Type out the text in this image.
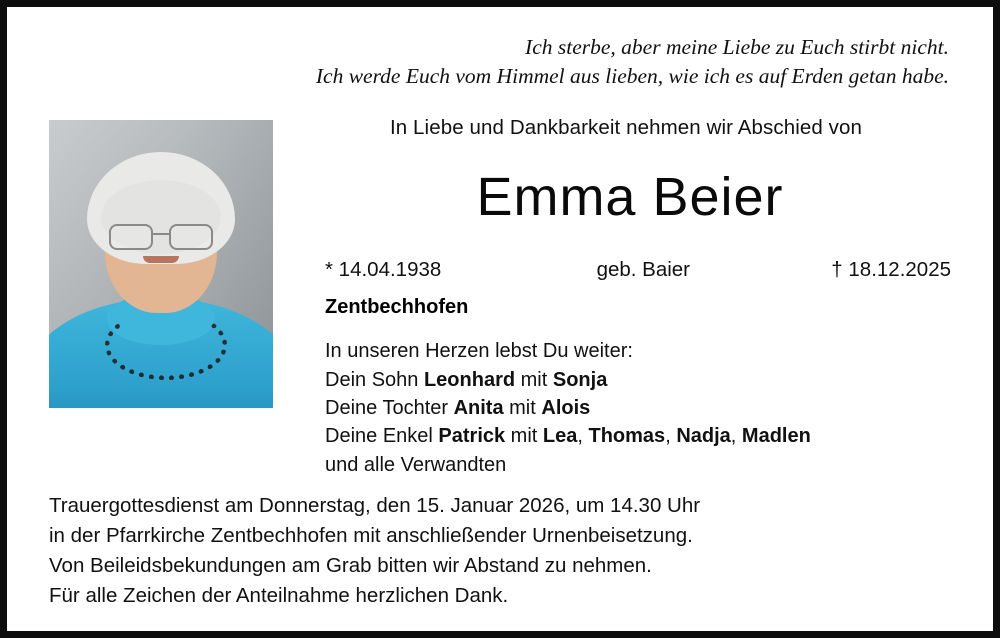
Ich sterbe, aber meine Liebe zu Euch stirbt nicht.
Ich werde Euch vom Himmel aus lieben, wie ich es auf Erden getan habe.
In Liebe und Dankbarkeit nehmen wir Abschied von
Emma Beier
* 14.04.1938	geb. Baier	† 18.12.2025
Zentbechhofen
In unseren Herzen lebst Du weiter:
Dein Sohn Leonhard mit Sonja
Deine Tochter Anita mit Alois
Deine Enkel Patrick mit Lea, Thomas, Nadja, Madlen
und alle Verwandten
Trauergottesdienst am Donnerstag, den 15. Januar 2026, um 14.30 Uhr
in der Pfarrkirche Zentbechhofen mit anschließender Urnenbeisetzung.
Von Beileidsbekundungen am Grab bitten wir Abstand zu nehmen.
Für alle Zeichen der Anteilnahme herzlichen Dank.
